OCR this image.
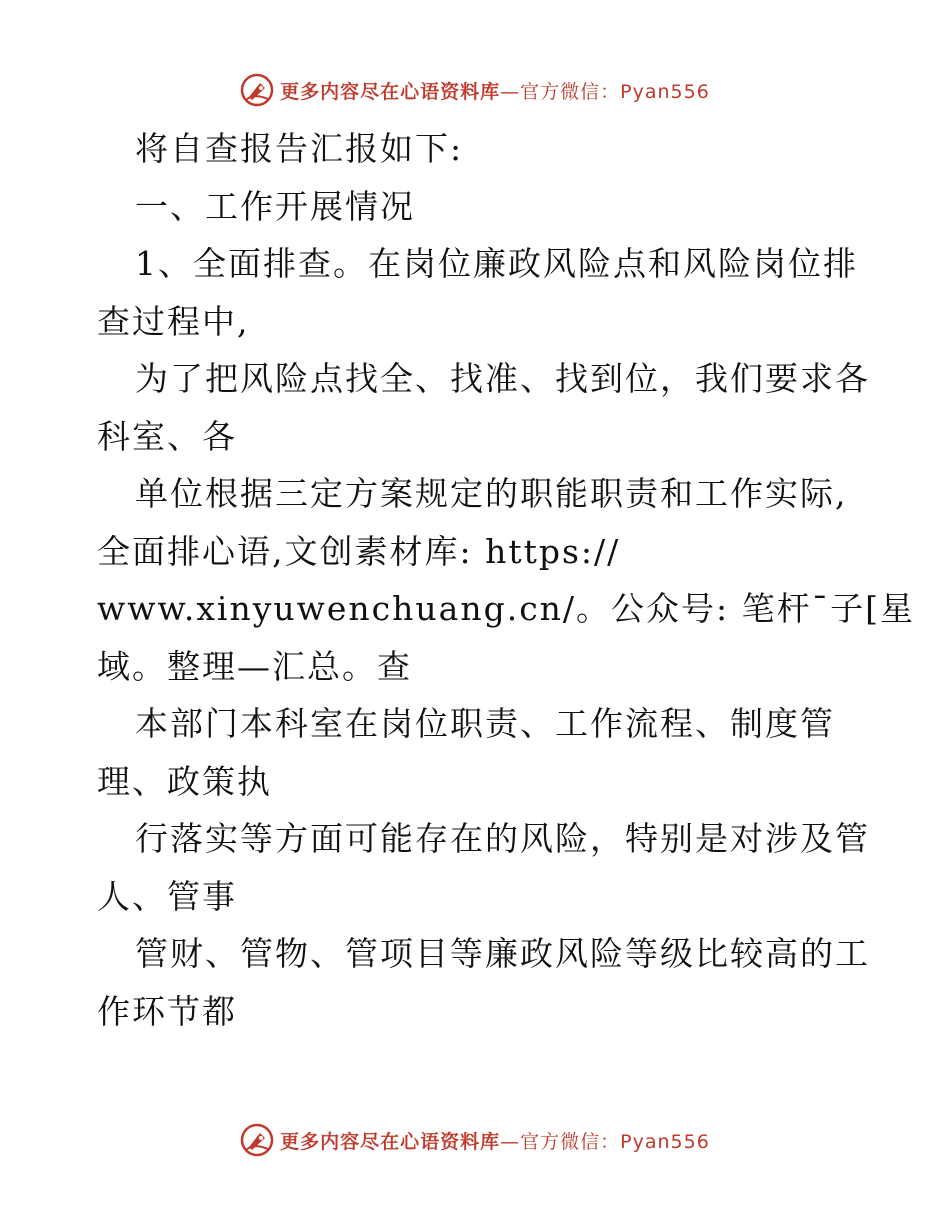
更多内容尽在心语资料库—官方微信：Pyan556
将自查报告汇报如下:
一、工作开展情况
1、全面排查。在岗位廉政风险点和风险岗位排
查过程中,
为了把风险点找全、找准、找到位，我们要求各
科室、各
单位根据三定方案规定的职能职责和工作实际,
全面排心语,文创素材库: https://
www.xinyuwenchuang.cn/。公众号: 笔杆¯子[星
域。整理—汇总。查
本部门本科室在岗位职责、工作流程、制度管
理、政策执
行落实等方面可能存在的风险，特别是对涉及管
人、管事
管财、管物、管项目等廉政风险等级比较高的工
作环节都
更多内容尽在心语资料库—官方微信：Pyan556
